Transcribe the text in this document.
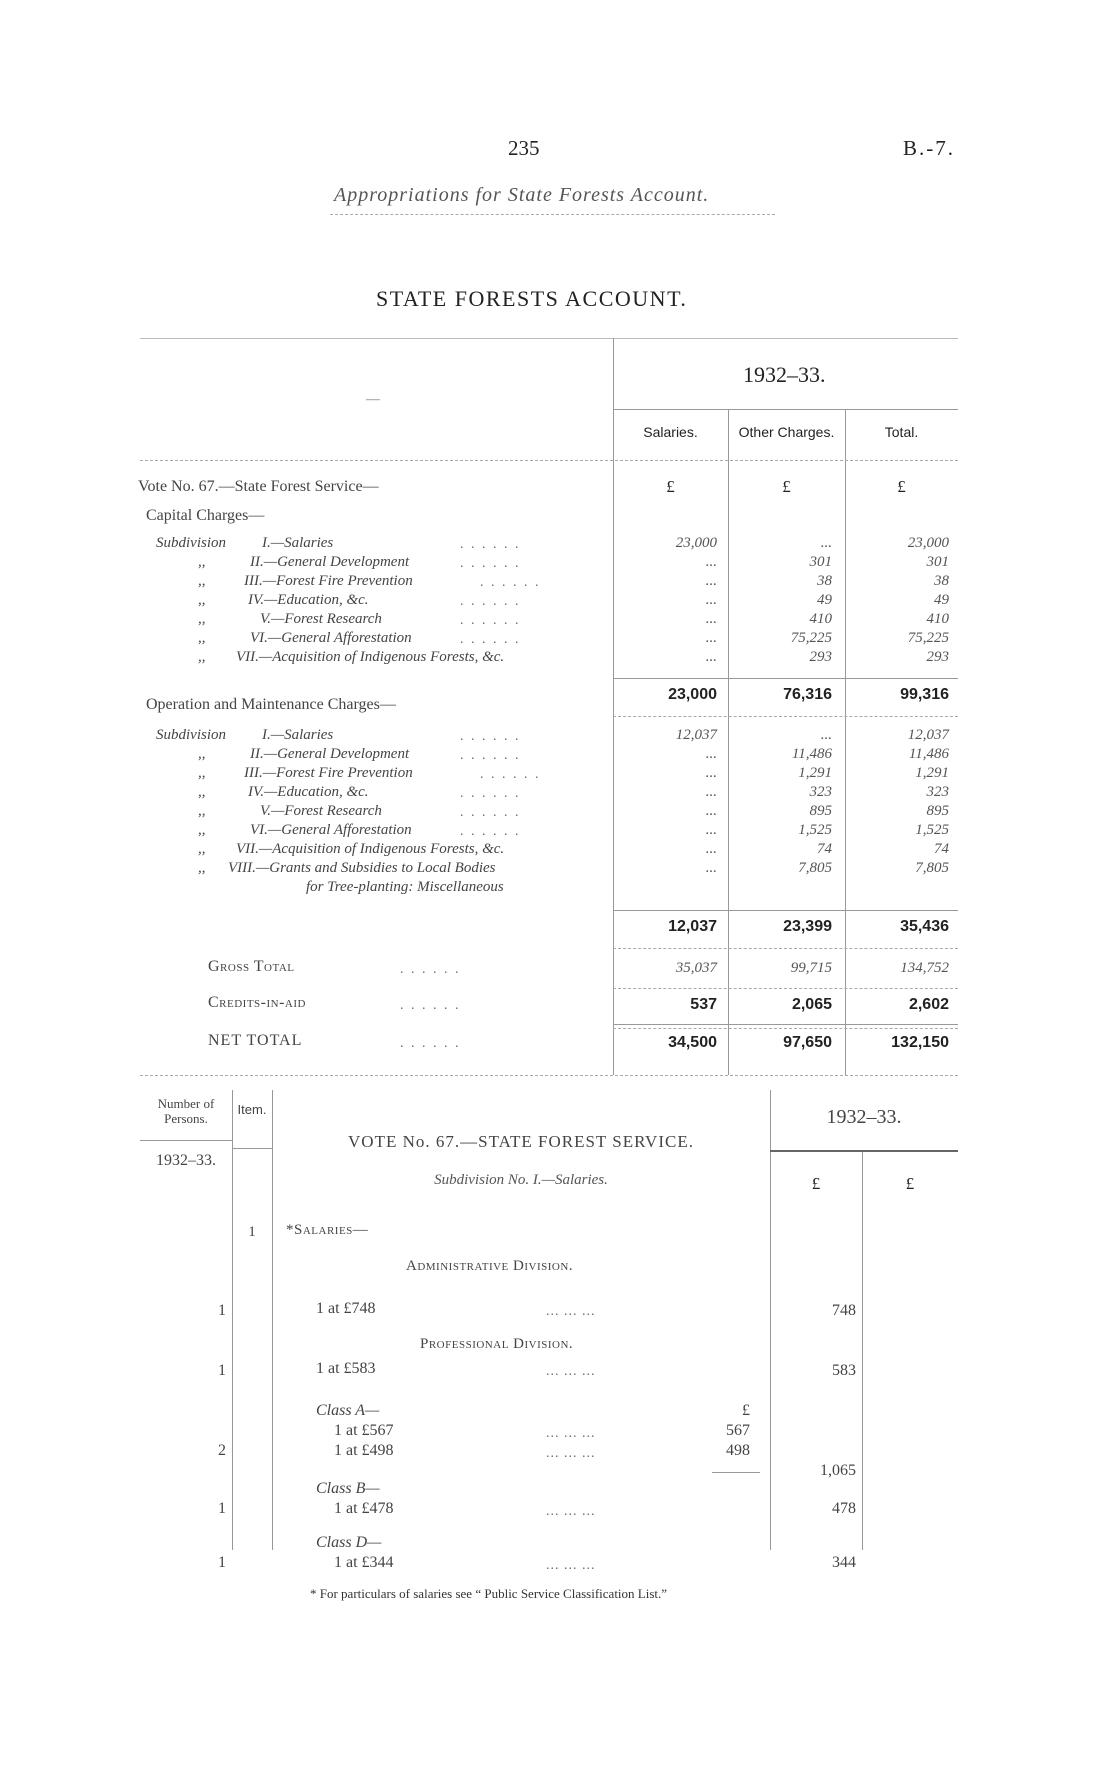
235	B.-7.
Appropriations for State Forests Account.
STATE FORESTS ACCOUNT.
1932–33.
—
Salaries.	Other Charges.	Total.
£	£	£
Vote No. 67.—State Forest Service—
Capital Charges—
Subdivision I.—Salaries	. . . . . .	23,000	...	23,000
,,	II.—General Development	. . . . . .	...	301	301
,,	III.—Forest Fire Prevention	. . . . . .	...	38	38
,,	IV.—Education, &c.	. . . . . .	...	49	49
,,	V.—Forest Research	. . . . . .	...	410	410
,,	VI.—General Afforestation	. . . . . .	...	75,225	75,225
,, VII.—Acquisition of Indigenous Forests, &c.	...	293	293
23,000	76,316	99,316
Operation and Maintenance Charges—
Subdivision I.—Salaries	. . . . . .	12,037	...	12,037
,,	II.—General Development	. . . . . .	...	11,486	11,486
,,	III.—Forest Fire Prevention	. . . . . .	...	1,291	1,291
,,	IV.—Education, &c.	. . . . . .	...	323	323
,,	V.—Forest Research	. . . . . .	...	895	895
,,	VI.—General Afforestation	. . . . . .	...	1,525	1,525
,, VII.—Acquisition of Indigenous Forests, &c.	...	74	74
,, VIII.—Grants and Subsidies to Local Bodies
for Tree-planting: Miscellaneous
...	7,805	7,805
12,037	23,399	35,436
Gross Total	. . . . . .	35,037	99,715	134,752
Credits-in-aid	. . . . . .	537	2,065	2,602
NET TOTAL	. . . . . .	34,500	97,650	132,150
Number of Persons.
Item.
1932–33.
1932–33.
VOTE No. 67.—STATE FOREST SERVICE.
Subdivision No. I.—Salaries.	£	£
1	*Salaries—
Administrative Division.
1	1 at £748	... ... ...	748
Professional Division.
1	1 at £583	... ... ...	583
Class A—	£
1 at £567	... ... ...	567
2	1 at £498	... ... ...	498
1,065
Class B—
1	1 at £478	... ... ...	478
Class D—
1	1 at £344	... ... ...	344
* For particulars of salaries see “ Public Service Classification List.”
